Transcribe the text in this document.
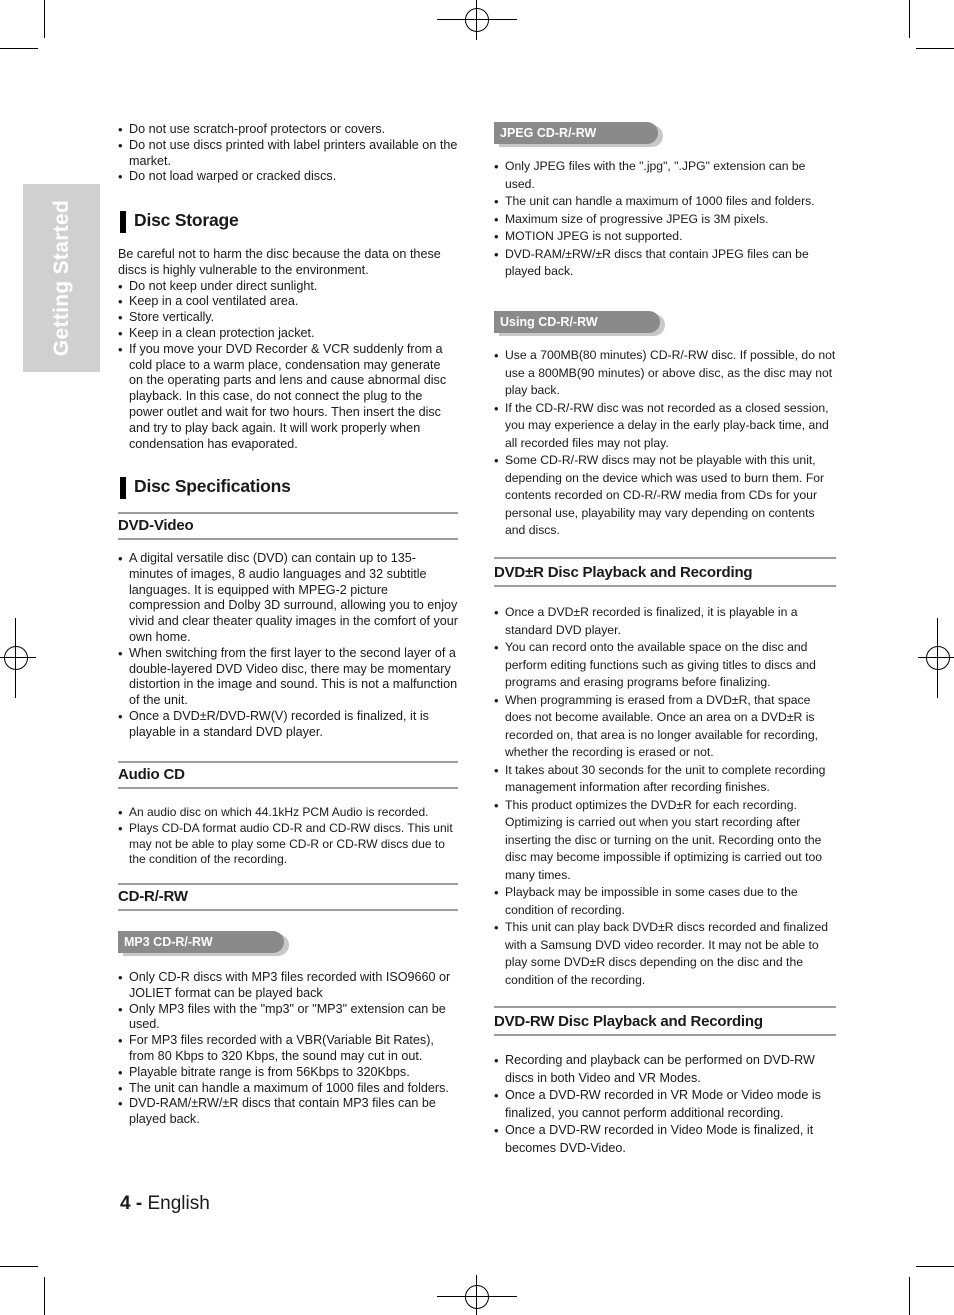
Getting Started
• Do not use scratch-proof protectors or covers.
• Do not use discs printed with label printers available on the market.
• Do not load warped or cracked discs.
Disc Storage

Be careful not to harm the disc because the data on these discs is highly vulnerable to the environment.

• Do not keep under direct sunlight.
• Keep in a cool ventilated area.
• Store vertically.
• Keep in a clean protection jacket.
• If you move your DVD Recorder & VCR suddenly from a cold place to a warm place, condensation may generate on the operating parts and lens and cause abnormal disc playback. In this case, do not connect the plug to the power outlet and wait for two hours. Then insert the disc and try to play back again. It will work properly when condensation has evaporated.
Disc Specifications
DVD-Video
• A digital versatile disc (DVD) can contain up to 135-minutes of images, 8 audio languages and 32 subtitle languages. It is equipped with MPEG-2 picture compression and Dolby 3D surround, allowing you to enjoy vivid and clear theater quality images in the comfort of your own home.
• When switching from the first layer to the second layer of a double-layered DVD Video disc, there may be momentary distortion in the image and sound. This is not a malfunction of the unit.
• Once a DVD±R/DVD-RW(V) recorded is finalized, it is playable in a standard DVD player.
Audio CD
• An audio disc on which 44.1kHz PCM Audio is recorded.
• Plays CD-DA format audio CD-R and CD-RW discs. This unit may not be able to play some CD-R or CD-RW discs due to the condition of the recording.
CD-R/-RW
MP3 CD-R/-RW
• Only CD-R discs with MP3 files recorded with ISO9660 or JOLIET format can be played back
• Only MP3 files with the "mp3" or "MP3" extension can be used.
• For MP3 files recorded with a VBR(Variable Bit Rates), from 80 Kbps to 320 Kbps, the sound may cut in out.
• Playable bitrate range is from 56Kbps to 320Kbps.
• The unit can handle a maximum of 1000 files and folders.
• DVD-RAM/±RW/±R discs that contain MP3 files can be played back.
JPEG CD-R/-RW
• Only JPEG files with the ".jpg", ".JPG" extension can be used.
• The unit can handle a maximum of 1000 files and folders.
• Maximum size of progressive JPEG is 3M pixels.
• MOTION JPEG is not supported.
• DVD-RAM/±RW/±R discs that contain JPEG files can be played back.
Using CD-R/-RW
• Use a 700MB(80 minutes) CD-R/-RW disc. If possible, do not use a 800MB(90 minutes) or above disc, as the disc may not play back.
• If the CD-R/-RW disc was not recorded as a closed session, you may experience a delay in the early play-back time, and all recorded files may not play.
• Some CD-R/-RW discs may not be playable with this unit, depending on the device which was used to burn them. For contents recorded on CD-R/-RW media from CDs for your personal use, playability may vary depending on contents and discs.
DVD±R Disc Playback and Recording
• Once a DVD±R recorded is finalized, it is playable in a standard DVD player.
• You can record onto the available space on the disc and perform editing functions such as giving titles to discs and programs and erasing programs before finalizing.
• When programming is erased from a DVD±R, that space does not become available. Once an area on a DVD±R is recorded on, that area is no longer available for recording, whether the recording is erased or not.
• It takes about 30 seconds for the unit to complete recording management information after recording finishes.
• This product optimizes the DVD±R for each recording. Optimizing is carried out when you start recording after inserting the disc or turning on the unit. Recording onto the disc may become impossible if optimizing is carried out too many times.
• Playback may be impossible in some cases due to the condition of recording.
• This unit can play back DVD±R discs recorded and finalized with a Samsung DVD video recorder. It may not be able to play some DVD±R discs depending on the disc and the condition of the recording.
DVD-RW Disc Playback and Recording
• Recording and playback can be performed on DVD-RW discs in both Video and VR Modes.
• Once a DVD-RW recorded in VR Mode or Video mode is finalized, you cannot perform additional recording.
• Once a DVD-RW recorded in Video Mode is finalized, it becomes DVD-Video.
4 - English
